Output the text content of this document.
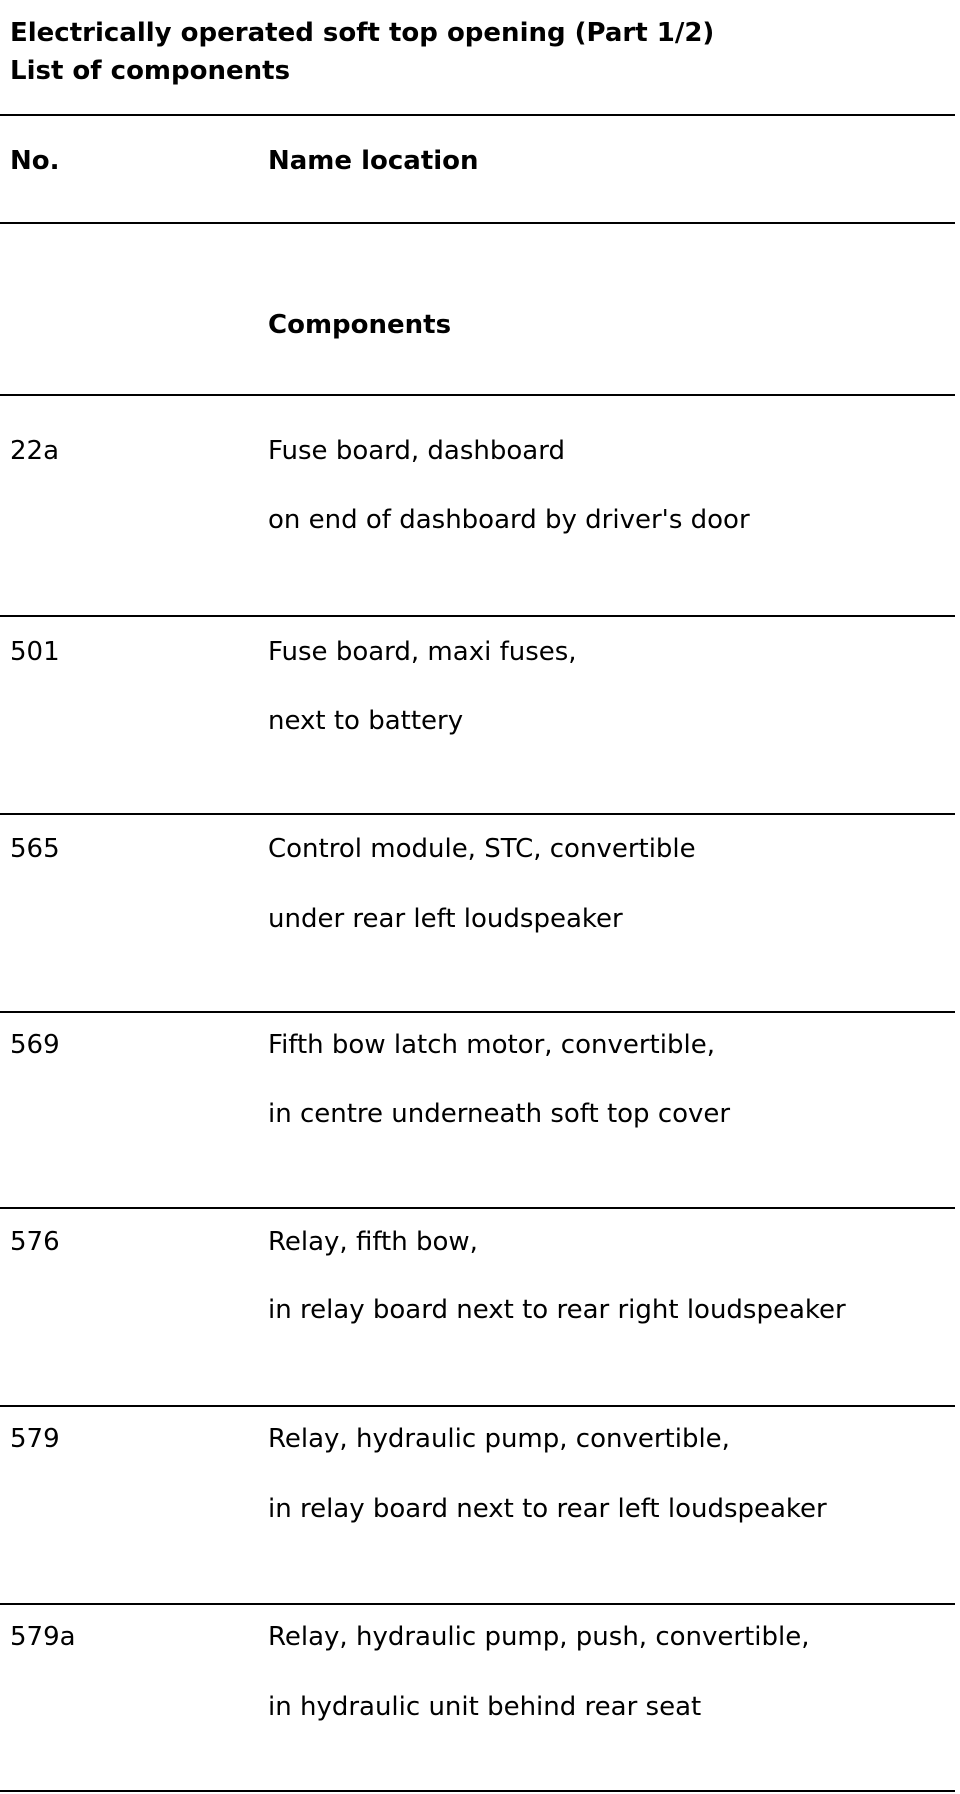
Electrically operated soft top opening (Part 1/2)
List of components
No.	Name location
Components
22a	Fuse board, dashboard
on end of dashboard by driver's door
501	Fuse board, maxi fuses,
next to battery
565	Control module, STC, convertible
under rear left loudspeaker
569	Fifth bow latch motor, convertible,
in centre underneath soft top cover
576	Relay, fifth bow,
in relay board next to rear right loudspeaker
579	Relay, hydraulic pump, convertible,
in relay board next to rear left loudspeaker
579a	Relay, hydraulic pump, push, convertible,
in hydraulic unit behind rear seat
